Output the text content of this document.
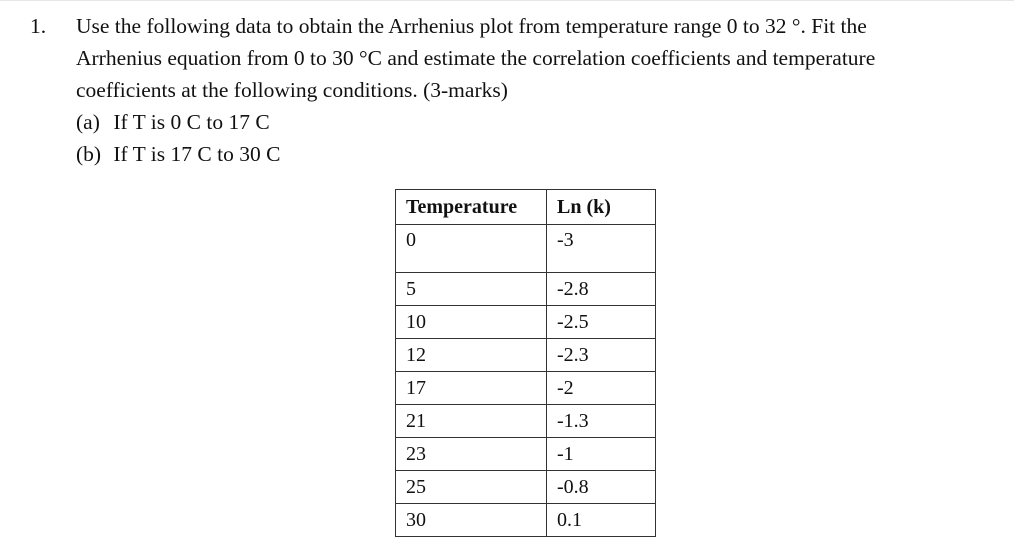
1. Use the following data to obtain the Arrhenius plot from temperature range 0 to 32 °. Fit the
Arrhenius equation from 0 to 30 °C and estimate the correlation coefficients and temperature
coefficients at the following conditions. (3-marks)
(a) If T is 0 C to 17 C
(b) If T is 17 C to 30 C
Temperature	Ln (k)
0	-3
5	-2.8
10	-2.5
12	-2.3
17	-2
21	-1.3
23	-1
25	-0.8
30	0.1
